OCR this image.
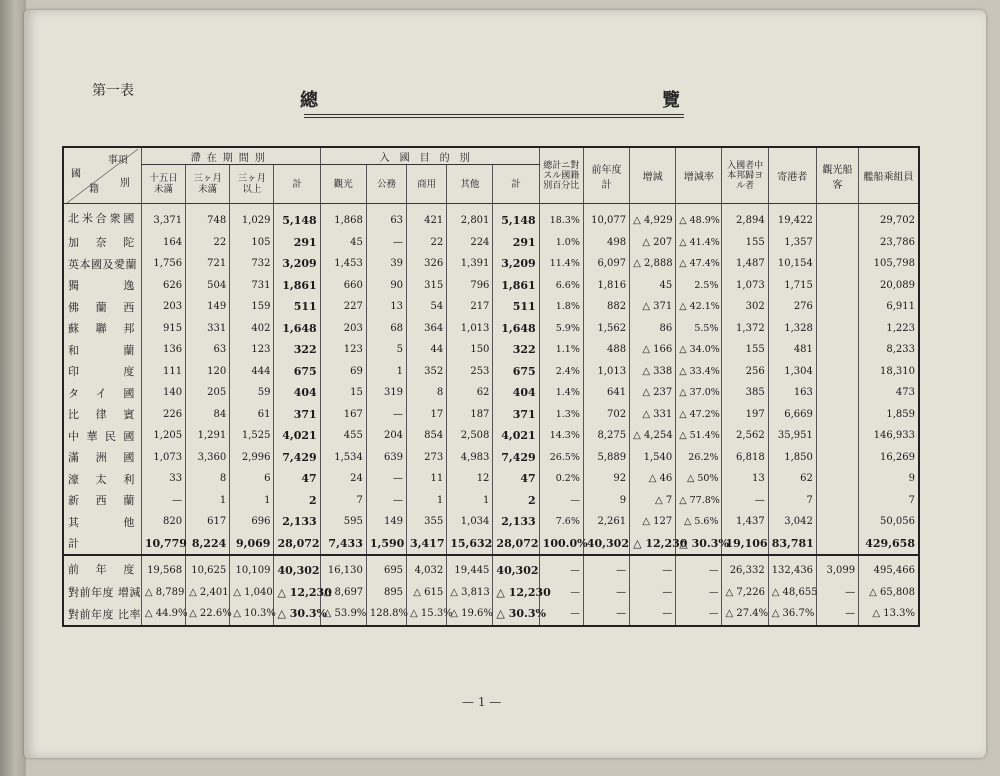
第一表	總	覽
事項
國
籍
別	滯在期間別				入國目的別					總計ニ對スル國籍別百分比	前年度計	增減	增減率	入國者中本邦歸ヨル者	寄港者	觀光船客	艦船乘組員
	十五日未滿	三ヶ月未滿	三ヶ月以上	計	觀光	公務	商用	其他	計								
北米合衆國	3,371	748	1,029	5,148	1,868	63	421	2,801	5,148	18.3%	10,077	△ 4,929	△ 48.9%	2,894	19,422		29,702
加奈陀	164	22	105	291	45	—	22	224	291	1.0%	498	△ 207	△ 41.4%	155	1,357		23,786
英本國及愛蘭	1,756	721	732	3,209	1,453	39	326	1,391	3,209	11.4%	6,097	△ 2,888	△ 47.4%	1,487	10,154		105,798
獨逸	626	504	731	1,861	660	90	315	796	1,861	6.6%	1,816	45	2.5%	1,073	1,715		20,089
佛蘭西	203	149	159	511	227	13	54	217	511	1.8%	882	△ 371	△ 42.1%	302	276		6,911
蘇聯邦	915	331	402	1,648	203	68	364	1,013	1,648	5.9%	1,562	86	5.5%	1,372	1,328		1,223
和蘭	136	63	123	322	123	5	44	150	322	1.1%	488	△ 166	△ 34.0%	155	481		8,233
印度	111	120	444	675	69	1	352	253	675	2.4%	1,013	△ 338	△ 33.4%	256	1,304		18,310
タイ國	140	205	59	404	15	319	8	62	404	1.4%	641	△ 237	△ 37.0%	385	163		473
比律賓	226	84	61	371	167	—	17	187	371	1.3%	702	△ 331	△ 47.2%	197	6,669		1,859
中華民國	1,205	1,291	1,525	4,021	455	204	854	2,508	4,021	14.3%	8,275	△ 4,254	△ 51.4%	2,562	35,951		146,933
滿洲國	1,073	3,360	2,996	7,429	1,534	639	273	4,983	7,429	26.5%	5,889	1,540	26.2%	6,818	1,850		16,269
濠太利	33	8	6	47	24	—	11	12	47	0.2%	92	△ 46	△ 50%	13	62		9
新西蘭	—	1	1	2	7	—	1	1	2	—	9	△ 7	△ 77.8%	—	7		7
其他	820	617	696	2,133	595	149	355	1,034	2,133	7.6%	2,261	△ 127	△ 5.6%	1,437	3,042		50,056
計	10,779	8,224	9,069	28,072	7,433	1,590	3,417	15,632	28,072	100.0%	40,302	△ 12,230	△ 30.3%	19,106	83,781		429,658
前年度	19,568	10,625	10,109	40,302	16,130	695	4,032	19,445	40,302	—	—	—	—	26,332	132,436	3,099	495,466
對前年度 增減	△ 8,789	△ 2,401	△ 1,040	△ 12,230	△ 8,697	895	△ 615	△ 3,813	△ 12,230	—	—	—	—	△ 7,226	△ 48,655	—	△ 65,808
對前年度 比率	△ 44.9%	△ 22.6%	△ 10.3%	△ 30.3%	△ 53.9%	128.8%	△ 15.3%	△ 19.6%	△ 30.3%	—	—	—	—	△ 27.4%	△ 36.7%	—	△ 13.3%
— 1 —
